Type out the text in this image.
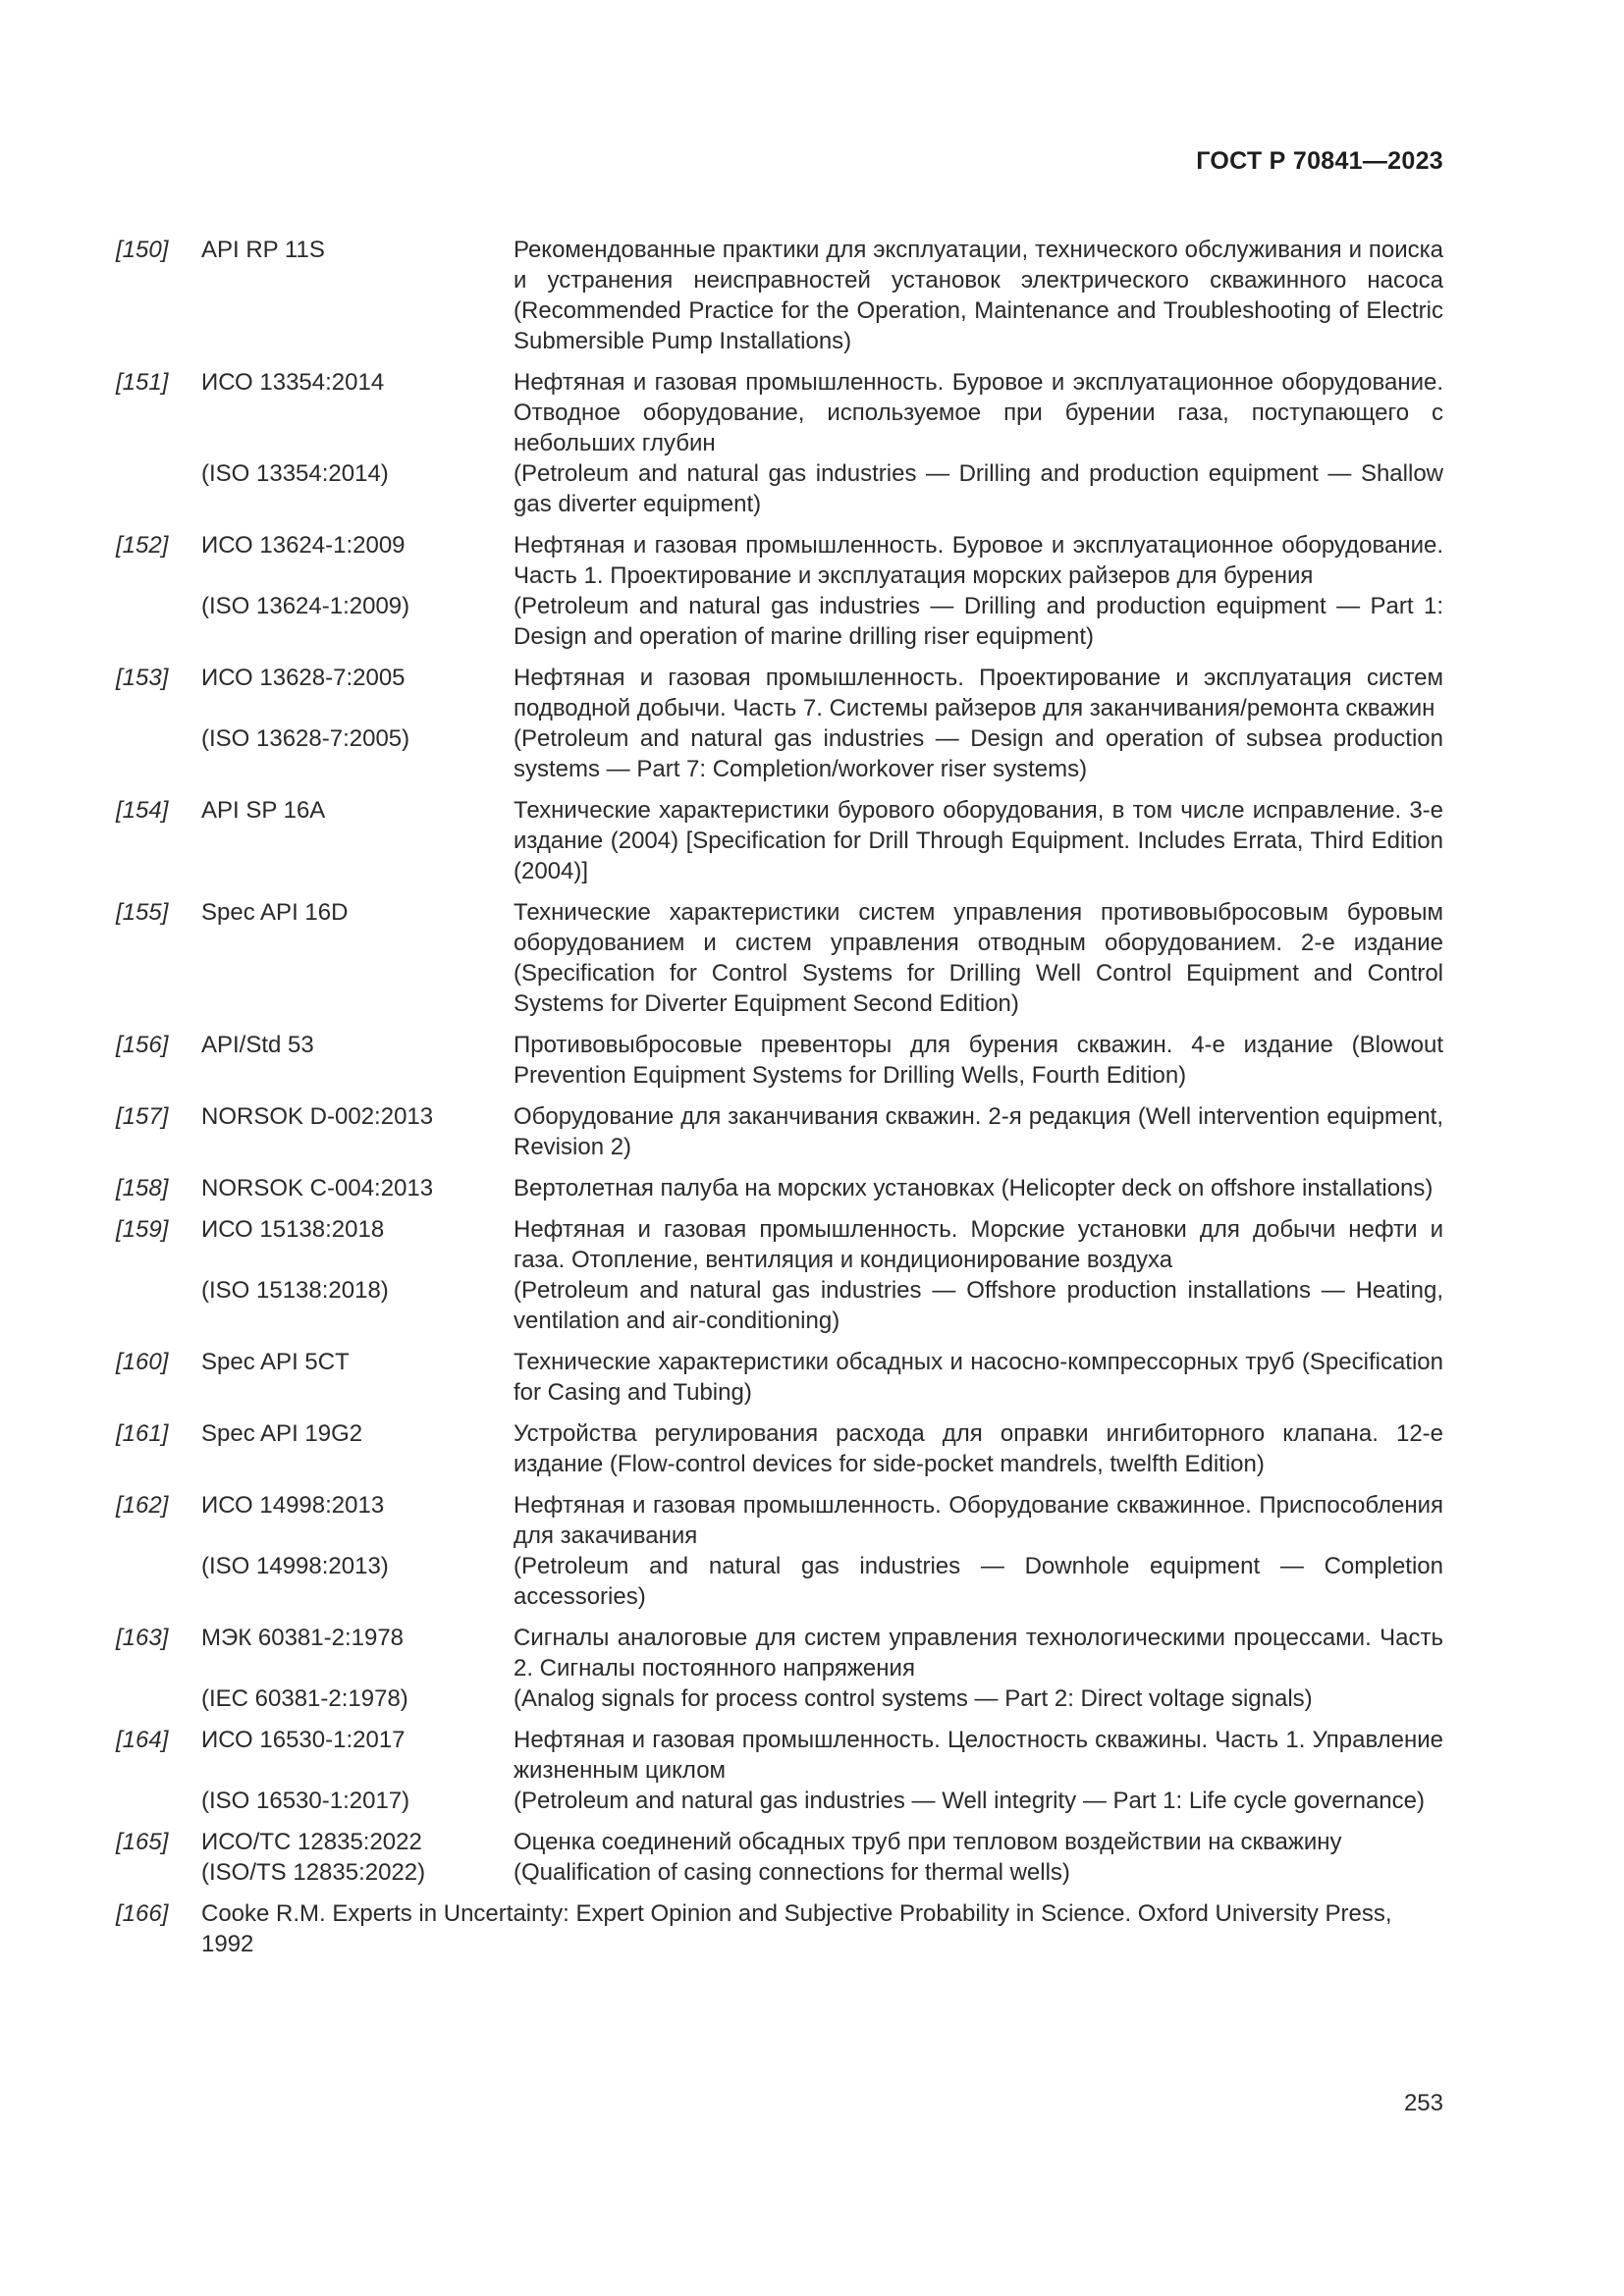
ГОСТ Р 70841—2023
[150]	API RP 11S	Рекомендованные практики для эксплуатации, технического обслуживания и поиска и устранения неисправностей установок электрического скважинного насоса (Recommended Practice for the Operation, Maintenance and Troubleshooting of Electric Submersible Pump Installations)
[151]	ИСО 13354:2014	Нефтяная и газовая промышленность. Буровое и эксплуатационное оборудование. Отводное оборудование, используемое при бурении газа, поступающего с небольших глубин
(ISO 13354:2014)	(Petroleum and natural gas industries — Drilling and production equipment — Shallow gas diverter equipment)
[152]	ИСО 13624-1:2009	Нефтяная и газовая промышленность. Буровое и эксплуатационное оборудование. Часть 1. Проектирование и эксплуатация морских райзеров для бурения
(ISO 13624-1:2009)	(Petroleum and natural gas industries — Drilling and production equipment — Part 1: Design and operation of marine drilling riser equipment)
[153]	ИСО 13628-7:2005	Нефтяная и газовая промышленность. Проектирование и эксплуатация систем подводной добычи. Часть 7. Системы райзеров для заканчивания/ремонта скважин
(ISO 13628-7:2005)	(Petroleum and natural gas industries — Design and operation of subsea production systems — Part 7: Completion/workover riser systems)
[154]	API SP 16A	Технические характеристики бурового оборудования, в том числе исправление. 3-е издание (2004) [Specification for Drill Through Equipment. Includes Errata, Third Edition (2004)]
[155]	Spec API 16D	Технические характеристики систем управления противовыбросовым буровым оборудованием и систем управления отводным оборудованием. 2-е издание (Specification for Control Systems for Drilling Well Control Equipment and Control Systems for Diverter Equipment Second Edition)
[156]	API/Std 53	Противовыбросовые превенторы для бурения скважин. 4-е издание (Blowout Prevention Equipment Systems for Drilling Wells, Fourth Edition)
[157]	NORSOK D-002:2013	Оборудование для заканчивания скважин. 2-я редакция (Well intervention equipment, Revision 2)
[158]	NORSOK C-004:2013	Вертолетная палуба на морских установках (Helicopter deck on offshore installations)
[159]	ИСО 15138:2018	Нефтяная и газовая промышленность. Морские установки для добычи нефти и газа. Отопление, вентиляция и кондиционирование воздуха
(ISO 15138:2018)	(Petroleum and natural gas industries — Offshore production installations — Heating, ventilation and air-conditioning)
[160]	Spec API 5CT	Технические характеристики обсадных и насосно-компрессорных труб (Specification for Casing and Tubing)
[161]	Spec API 19G2	Устройства регулирования расхода для оправки ингибиторного клапана. 12-е издание (Flow-control devices for side-pocket mandrels, twelfth Edition)
[162]	ИСО 14998:2013	Нефтяная и газовая промышленность. Оборудование скважинное. Приспособления для закачивания
(ISO 14998:2013)	(Petroleum and natural gas industries — Downhole equipment — Completion accessories)
[163]	МЭК 60381-2:1978	Сигналы аналоговые для систем управления технологическими процессами. Часть 2. Сигналы постоянного напряжения
(IEC 60381-2:1978)	(Analog signals for process control systems — Part 2: Direct voltage signals)
[164]	ИСО 16530-1:2017	Нефтяная и газовая промышленность. Целостность скважины. Часть 1. Управление жизненным циклом
(ISO 16530-1:2017)	(Petroleum and natural gas industries — Well integrity — Part 1: Life cycle governance)
[165]	ИСО/ТС 12835:2022	Оценка соединений обсадных труб при тепловом воздействии на скважину
(ISO/TS 12835:2022)	(Qualification of casing connections for thermal wells)
[166]	Cooke R.M. Experts in Uncertainty: Expert Opinion and Subjective Probability in Science. Oxford University Press, 1992
253
